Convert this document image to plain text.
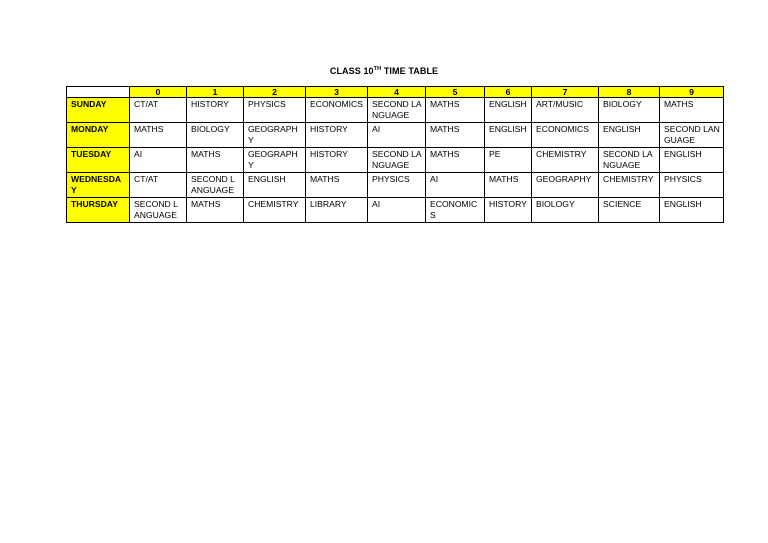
CLASS 10TH TIME TABLE
	0	1	2	3	4	5	6	7	8	9
SUNDAY	CT/AT	HISTORY	PHYSICS	ECONOMICS	SECOND LANGUAGE	MATHS	ENGLISH	ART/MUSIC	BIOLOGY	MATHS
MONDAY	MATHS	BIOLOGY	GEOGRAPHY	HISTORY	AI	MATHS	ENGLISH	ECONOMICS	ENGLISH	SECOND LANGUAGE
TUESDAY	AI	MATHS	GEOGRAPHY	HISTORY	SECOND LANGUAGE	MATHS	PE	CHEMISTRY	SECOND LANGUAGE	ENGLISH
WEDNESDAY	CT/AT	SECOND LANGUAGE	ENGLISH	MATHS	PHYSICS	AI	MATHS	GEOGRAPHY	CHEMISTRY	PHYSICS
THURSDAY	SECOND LANGUAGE	MATHS	CHEMISTRY	LIBRARY	AI	ECONOMICS	HISTORY	BIOLOGY	SCIENCE	ENGLISH
